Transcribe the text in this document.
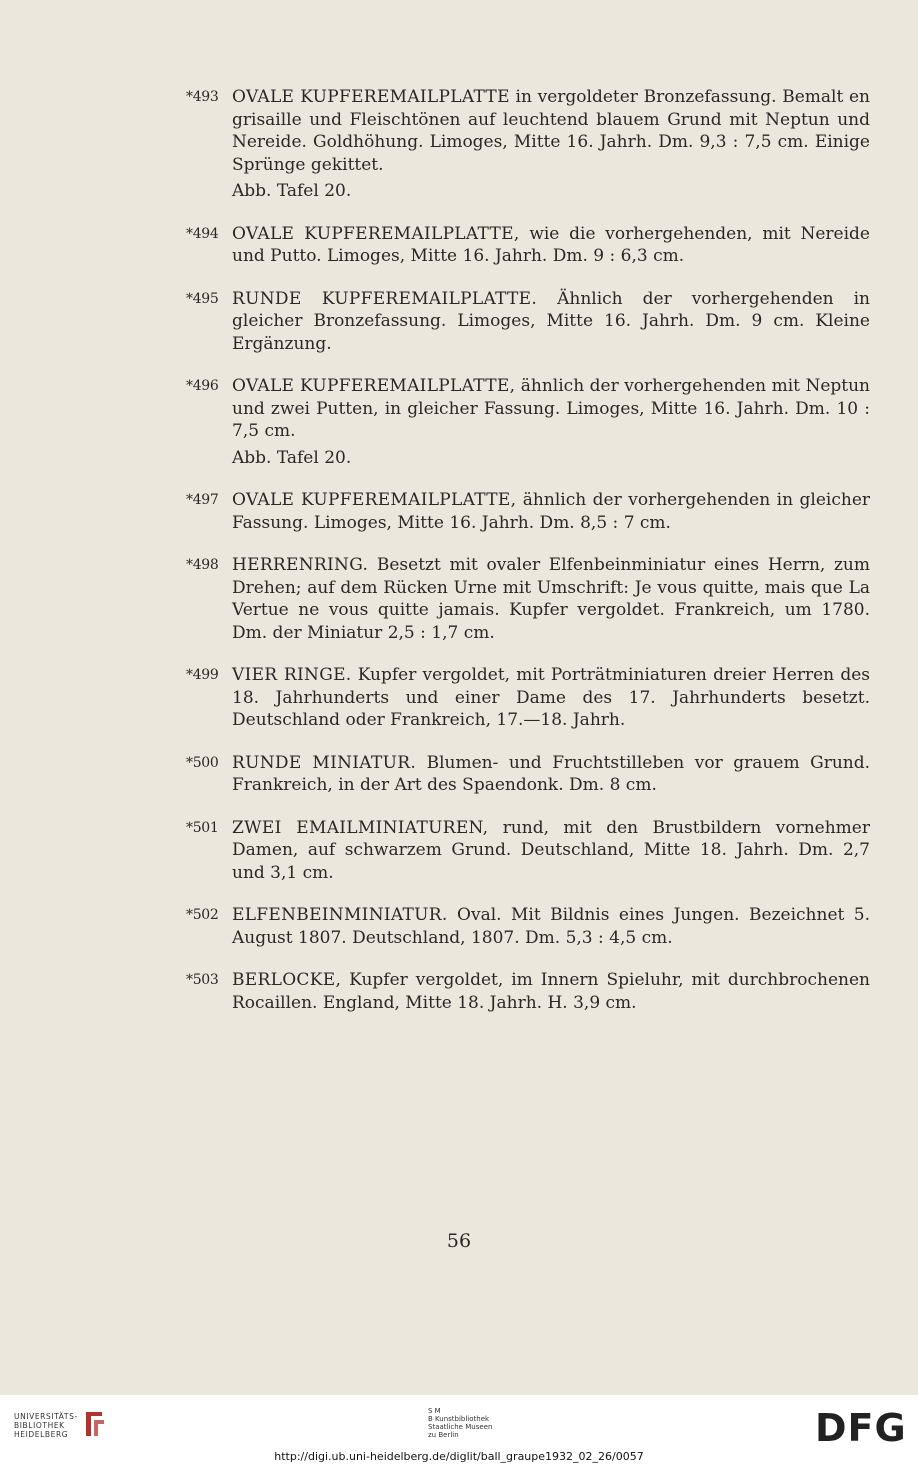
*493 OVALE KUPFEREMAILPLATTE in vergoldeter Bronzefassung. Bemalt en grisaille und Fleischtönen auf leuchtend blauem Grund mit Neptun und Nereide. Goldhöhung. Limoges, Mitte 16. Jahrh. Dm. 9,3 : 7,5 cm. Einige Sprünge gekittet.
Abb. Tafel 20.
*494 OVALE KUPFEREMAILPLATTE, wie die vorhergehenden, mit Nereide und Putto. Limoges, Mitte 16. Jahrh. Dm. 9 : 6,3 cm.
*495 RUNDE KUPFEREMAILPLATTE. Ähnlich der vorhergehenden in gleicher Bronzefassung. Limoges, Mitte 16. Jahrh. Dm. 9 cm. Kleine Ergänzung.
*496 OVALE KUPFEREMAILPLATTE, ähnlich der vorhergehenden mit Neptun und zwei Putten, in gleicher Fassung. Limoges, Mitte 16. Jahrh. Dm. 10 : 7,5 cm.
Abb. Tafel 20.
*497 OVALE KUPFEREMAILPLATTE, ähnlich der vorhergehenden in gleicher Fassung. Limoges, Mitte 16. Jahrh. Dm. 8,5 : 7 cm.
*498 HERRENRING. Besetzt mit ovaler Elfenbeinminiatur eines Herrn, zum Drehen; auf dem Rücken Urne mit Umschrift: Je vous quitte, mais que La Vertue ne vous quitte jamais. Kupfer vergoldet. Frankreich, um 1780. Dm. der Miniatur 2,5 : 1,7 cm.
*499 VIER RINGE. Kupfer vergoldet, mit Porträtminiaturen dreier Herren des 18. Jahrhunderts und einer Dame des 17. Jahrhunderts besetzt. Deutschland oder Frankreich, 17.—18. Jahrh.
*500 RUNDE MINIATUR. Blumen- und Fruchtstilleben vor grauem Grund. Frankreich, in der Art des Spaendonk. Dm. 8 cm.
*501 ZWEI EMAILMINIATUREN, rund, mit den Brustbildern vornehmer Damen, auf schwarzem Grund. Deutschland, Mitte 18. Jahrh. Dm. 2,7 und 3,1 cm.
*502 ELFENBEINMINIATUR. Oval. Mit Bildnis eines Jungen. Bezeichnet 5. August 1807. Deutschland, 1807. Dm. 5,3 : 4,5 cm.
*503 BERLOCKE, Kupfer vergoldet, im Innern Spieluhr, mit durchbrochenen Rocaillen. England, Mitte 18. Jahrh. H. 3,9 cm.
56
UNIVERSITÄTS-
BIBLIOTHEK
HEIDELBERG
S M
B Kunstbibliothek
Staatliche Museen
zu Berlin	DFG
http://digi.ub.uni-heidelberg.de/diglit/ball_graupe1932_02_26/0057
